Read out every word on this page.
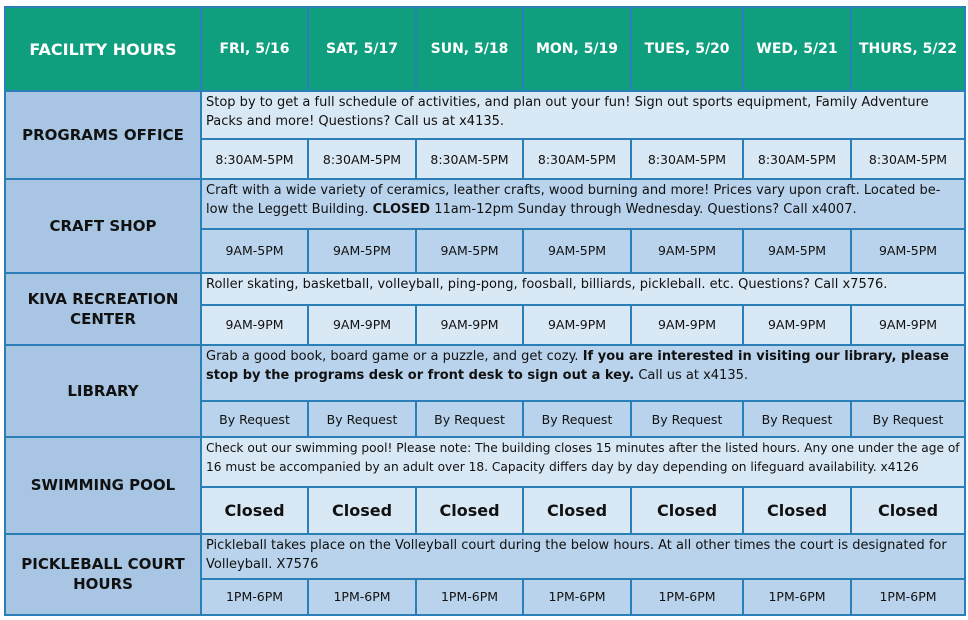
FACILITY HOURS	FRI, 5/16	SAT, 5/17	SUN, 5/18	MON, 5/19	TUES, 5/20	WED, 5/21	THURS, 5/22
PROGRAMS OFFICE	Stop by to get a full schedule of activities, and plan out your fun! Sign out sports equipment, Family Adventure Packs and more! Questions? Call us at x4135.						
	8:30AM-5PM	8:30AM-5PM	8:30AM-5PM	8:30AM-5PM	8:30AM-5PM	8:30AM-5PM	8:30AM-5PM
CRAFT SHOP	Craft with a wide variety of ceramics, leather crafts, wood burning and more! Prices vary upon craft. Located be-low the Leggett Building. CLOSED 11am-12pm Sunday through Wednesday. Questions? Call x4007.						
	9AM-5PM	9AM-5PM	9AM-5PM	9AM-5PM	9AM-5PM	9AM-5PM	9AM-5PM
KIVA RECREATION CENTER	Roller skating, basketball, volleyball, ping-pong, foosball, billiards, pickleball. etc. Questions? Call x7576.						
	9AM-9PM	9AM-9PM	9AM-9PM	9AM-9PM	9AM-9PM	9AM-9PM	9AM-9PM
LIBRARY	Grab a good book, board game or a puzzle, and get cozy. If you are interested in visiting our library, please stop by the programs desk or front desk to sign out a key. Call us at x4135.						
	By Request	By Request	By Request	By Request	By Request	By Request	By Request
SWIMMING POOL	Check out our swimming pool! Please note: The building closes 15 minutes after the listed hours. Any one under the age of 16 must be accompanied by an adult over 18. Capacity differs day by day depending on lifeguard availability. x4126						
	Closed	Closed	Closed	Closed	Closed	Closed	Closed
PICKLEBALL COURT HOURS	Pickleball takes place on the Volleyball court during the below hours. At all other times the court is designated for Volleyball. X7576						
	1PM-6PM	1PM-6PM	1PM-6PM	1PM-6PM	1PM-6PM	1PM-6PM	1PM-6PM
